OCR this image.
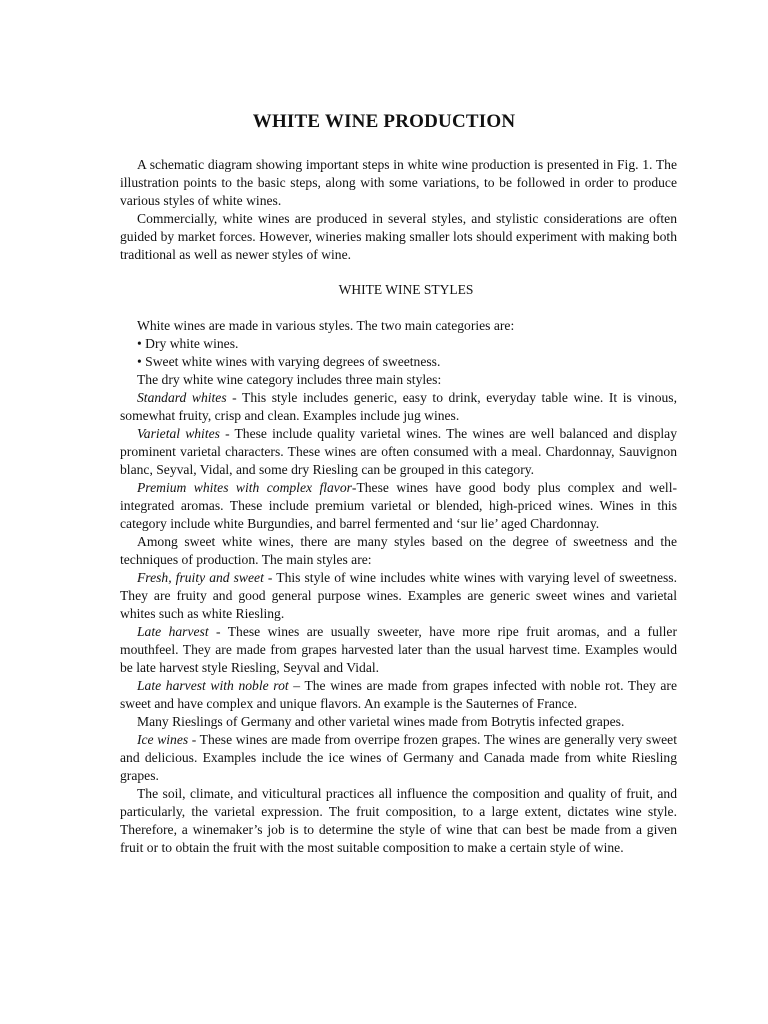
WHITE WINE PRODUCTION

A schematic diagram showing important steps in white wine production is presented in Fig. 1. The illustration points to the basic steps, along with some variations, to be followed in order to produce various styles of white wines.

Commercially, white wines are produced in several styles, and stylistic considerations are often guided by market forces. However, wineries making smaller lots should experiment with making both traditional as well as newer styles of wine.

WHITE WINE STYLES

White wines are made in various styles. The two main categories are:

• Dry white wines.

• Sweet white wines with varying degrees of sweetness.

The dry white wine category includes three main styles:

Standard whites - This style includes generic, easy to drink, everyday table wine. It is vinous, somewhat fruity, crisp and clean. Examples include jug wines.

Varietal whites - These include quality varietal wines. The wines are well balanced and display prominent varietal characters. These wines are often consumed with a meal. Chardonnay, Sauvignon blanc, Seyval, Vidal, and some dry Riesling can be grouped in this category.

Premium whites with complex flavor-These wines have good body plus complex and well-integrated aromas. These include premium varietal or blended, high-priced wines. Wines in this category include white Burgundies, and barrel fermented and ‘sur lie’ aged Chardonnay.

Among sweet white wines, there are many styles based on the degree of sweetness and the techniques of production. The main styles are:

Fresh, fruity and sweet - This style of wine includes white wines with varying level of sweetness. They are fruity and good general purpose wines. Examples are generic sweet wines and varietal whites such as white Riesling.

Late harvest - These wines are usually sweeter, have more ripe fruit aromas, and a fuller mouthfeel. They are made from grapes harvested later than the usual harvest time. Examples would be late harvest style Riesling, Seyval and Vidal.

Late harvest with noble rot – The wines are made from grapes infected with noble rot. They are sweet and have complex and unique flavors. An example is the Sauternes of France.

Many Rieslings of Germany and other varietal wines made from Botrytis infected grapes.

Ice wines - These wines are made from overripe frozen grapes. The wines are generally very sweet and delicious. Examples include the ice wines of Germany and Canada made from white Riesling grapes.

The soil, climate, and viticultural practices all influence the composition and quality of fruit, and particularly, the varietal expression. The fruit composition, to a large extent, dictates wine style. Therefore, a winemaker’s job is to determine the style of wine that can best be made from a given fruit or to obtain the fruit with the most suitable composition to make a certain style of wine.
